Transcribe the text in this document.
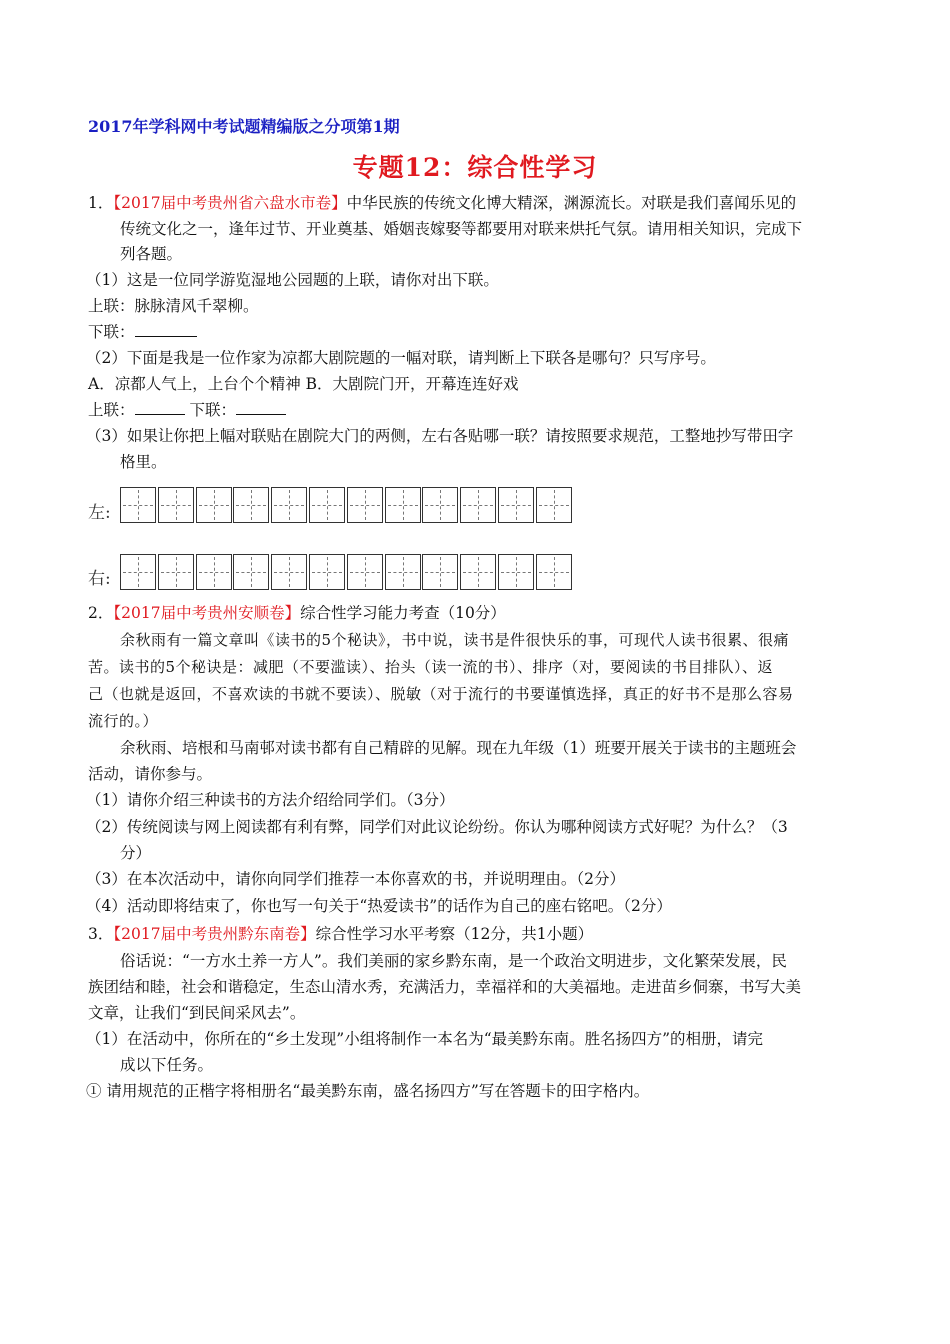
2017年学科网中考试题精编版之分项第1期
专题12：综合性学习
1．【2017届中考贵州省六盘水市卷】中华民族的传统文化博大精深，渊源流长。对联是我们喜闻乐见的
传统文化之一，逢年过节、开业奠基、婚姻丧嫁娶等都要用对联来烘托气氛。请用相关知识，完成下
列各题。
（1）这是一位同学游览湿地公园题的上联，请你对出下联。
上联：脉脉清风千翠柳。
下联：
（2）下面是我是一位作家为凉都大剧院题的一幅对联，请判断上下联各是哪句？只写序号。
A．凉都人气上，上台个个精神 B．大剧院门开，开幕连连好戏
上联：	下联：
（3）如果让你把上幅对联贴在剧院大门的两侧，左右各贴哪一联？请按照要求规范，工整地抄写带田字
格里。
左:
右:
2．【2017届中考贵州安顺卷】综合性学习能力考查（10分）
余秋雨有一篇文章叫《读书的5个秘诀》，书中说，读书是件很快乐的事，可现代人读书很累、很痛
苦。读书的5个秘诀是：减肥（不要滥读）、抬头（读一流的书）、排序（对，要阅读的书目排队）、返
己（也就是返回，不喜欢读的书就不要读）、脱敏（对于流行的书要谨慎选择，真正的好书不是那么容易
流行的。）
余秋雨、培根和马南邨对读书都有自己精辟的见解。现在九年级（1）班要开展关于读书的主题班会
活动，请你参与。
（1）请你介绍三种读书的方法介绍给同学们。（3分）
（2）传统阅读与网上阅读都有利有弊，同学们对此议论纷纷。你认为哪种阅读方式好呢？为什么？（3
分）
（3）在本次活动中，请你向同学们推荐一本你喜欢的书，并说明理由。（2分）
（4）活动即将结束了，你也写一句关于“热爱读书”的话作为自己的座右铭吧。（2分）
3．【2017届中考贵州黔东南卷】综合性学习水平考察（12分，共1小题）
俗话说：“一方水土养一方人”。我们美丽的家乡黔东南，是一个政治文明进步，文化繁荣发展，民
族团结和睦，社会和谐稳定，生态山清水秀，充满活力，幸福祥和的大美福地。走进苗乡侗寨，书写大美
文章，让我们“到民间采风去”。
（1）在活动中，你所在的“乡土发现”小组将制作一本名为“最美黔东南。胜名扬四方”的相册，请完
成以下任务。
① 请用规范的正楷字将相册名“最美黔东南，盛名扬四方”写在答题卡的田字格内。
